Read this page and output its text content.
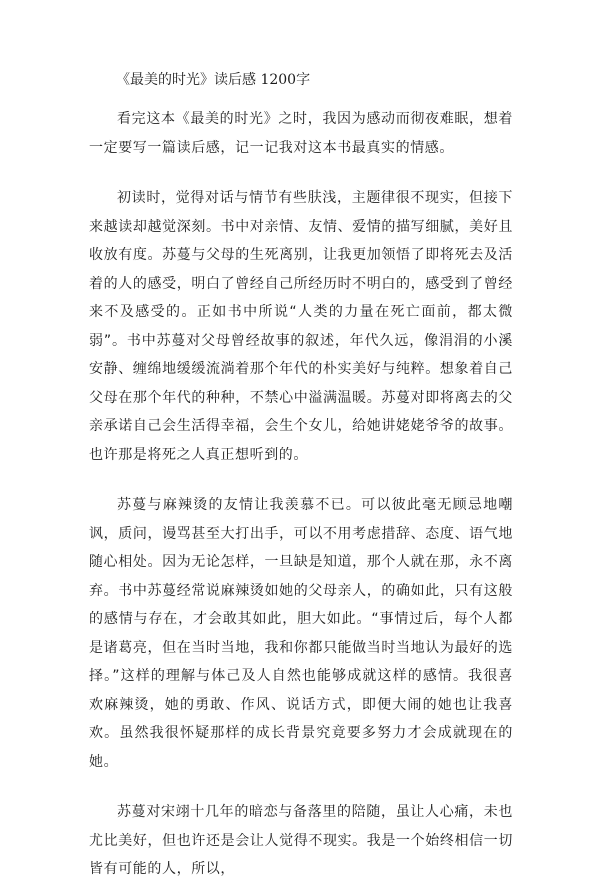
《最美的时光》读后感 1200字

看完这本《最美的时光》之时，我因为感动而彻夜难眠，想着一定要写一篇读后感，记一记我对这本书最真实的情感。

初读时，觉得对话与情节有些肤浅，主题律很不现实，但接下来越读却越觉深刻。书中对亲情、友情、爱情的描写细腻，美好且收放有度。苏蔓与父母的生死离别，让我更加领悟了即将死去及活着的人的感受，明白了曾经自己所经历时不明白的，感受到了曾经来不及感受的。正如书中所说“人类的力量在死亡面前，都太微弱”。书中苏蔓对父母曾经故事的叙述，年代久远，像涓涓的小溪安静、缠绵地缓缓流淌着那个年代的朴实美好与纯粹。想象着自己父母在那个年代的种种，不禁心中溢满温暖。苏蔓对即将离去的父亲承诺自己会生活得幸福，会生个女儿，给她讲姥姥爷爷的故事。也许那是将死之人真正想听到的。

苏蔓与麻辣烫的友情让我羡慕不已。可以彼此毫无顾忌地嘲讽，质问，谩骂甚至大打出手，可以不用考虑措辞、态度、语气地随心相处。因为无论怎样，一旦缺是知道，那个人就在那，永不离弃。书中苏蔓经常说麻辣烫如她的父母亲人，的确如此，只有这般的感情与存在，才会敢其如此，胆大如此。“事情过后，每个人都是诸葛亮，但在当时当地，我和你都只能做当时当地认为最好的选择。”这样的理解与体己及人自然也能够成就这样的感情。我很喜欢麻辣烫，她的勇敢、作风、说话方式，即便大闹的她也让我喜欢。虽然我很怀疑那样的成长背景究竟要多努力才会成就现在的她。

苏蔓对宋翊十几年的暗恋与备落里的陪随，虽让人心痛，未也尤比美好，但也许还是会让人觉得不现实。我是一个始终相信一切皆有可能的人，所以，
